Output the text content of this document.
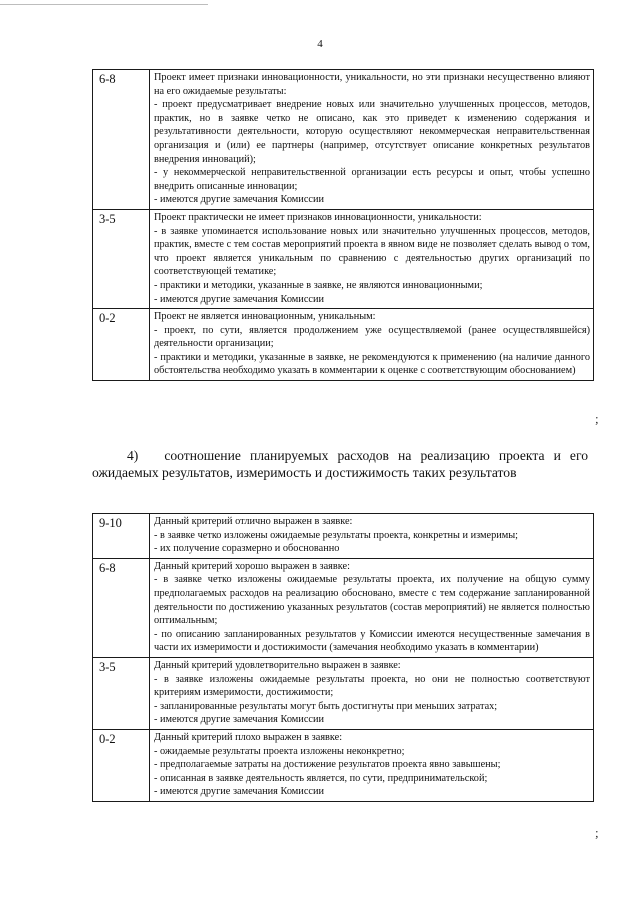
4
6-8	Проект имеет признаки инновационности, уникальности, но эти признаки несущественно влияют на его ожидаемые результаты:
- проект предусматривает внедрение новых или значительно улучшенных процессов, методов, практик, но в заявке четко не описано, как это приведет к изменению содержания и результативности деятельности, которую осуществляют некоммерческая неправительственная организация и (или) ее партнеры (например, отсутствует описание конкретных результатов внедрения инноваций);
- у некоммерческой неправительственной организации есть ресурсы и опыт, чтобы успешно внедрить описанные инновации;
- имеются другие замечания Комиссии

3-5	Проект практически не имеет признаков инновационности, уникальности:
- в заявке упоминается использование новых или значительно улучшенных процессов, методов, практик, вместе с тем состав мероприятий проекта в явном виде не позволяет сделать вывод о том, что проект является уникальным по сравнению с деятельностью других организаций по соответствующей тематике;
- практики и методики, указанные в заявке, не являются инновационными;
- имеются другие замечания Комиссии

0-2	Проект не является инновационным, уникальным:
- проект, по сути, является продолжением уже осуществляемой (ранее осуществлявшейся) деятельности организации;
- практики и методики, указанные в заявке, не рекомендуются к применению (на наличие данного обстоятельства необходимо указать в комментарии к оценке с соответствующим обоснованием)
;
4) соотношение планируемых расходов на реализацию проекта и его ожидаемых результатов, измеримость и достижимость таких результатов
9-10	Данный критерий отлично выражен в заявке:
- в заявке четко изложены ожидаемые результаты проекта, конкретны и измеримы;
- их получение соразмерно и обоснованно

6-8	Данный критерий хорошо выражен в заявке:
- в заявке четко изложены ожидаемые результаты проекта, их получение на общую сумму предполагаемых расходов на реализацию обосновано, вместе с тем содержание запланированной деятельности по достижению указанных результатов (состав мероприятий) не является полностью оптимальным;
- по описанию запланированных результатов у Комиссии имеются несущественные замечания в части их измеримости и достижимости (замечания необходимо указать в комментарии)

3-5	Данный критерий удовлетворительно выражен в заявке:
- в заявке изложены ожидаемые результаты проекта, но они не полностью соответствуют критериям измеримости, достижимости;
- запланированные результаты могут быть достигнуты при меньших затратах;
- имеются другие замечания Комиссии

0-2	Данный критерий плохо выражен в заявке:
- ожидаемые результаты проекта изложены неконкретно;
- предполагаемые затраты на достижение результатов проекта явно завышены;
- описанная в заявке деятельность является, по сути, предпринимательской;
- имеются другие замечания Комиссии
;
